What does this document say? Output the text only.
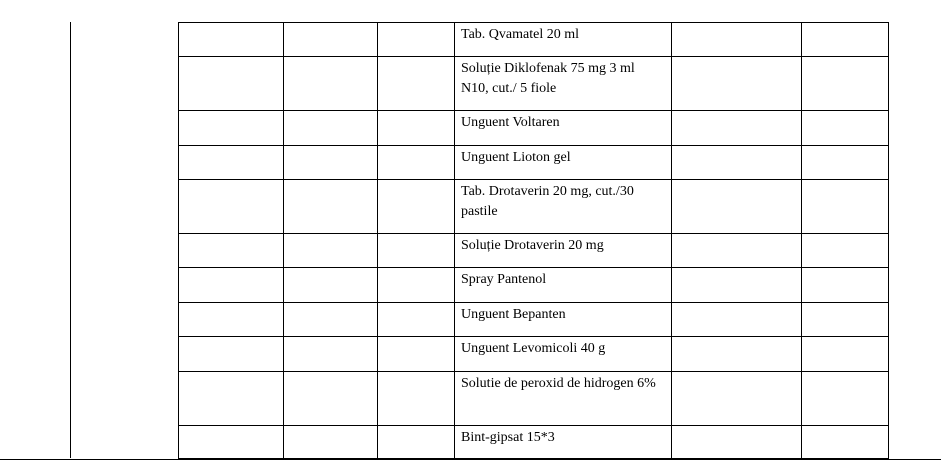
			Tab. Qvamatel 20 ml		
			Soluție Diklofenak 75 mg 3 ml N10, cut./ 5 fiole		
			Unguent Voltaren		
			Unguent Lioton gel		
			Tab. Drotaverin 20 mg, cut./30 pastile		
			Soluție Drotaverin 20 mg		
			Spray Pantenol		
			Unguent Bepanten		
			Unguent Levomicoli 40 g		
			Solutie de peroxid de hidrogen 6%		
			Bint-gipsat 15*3		
